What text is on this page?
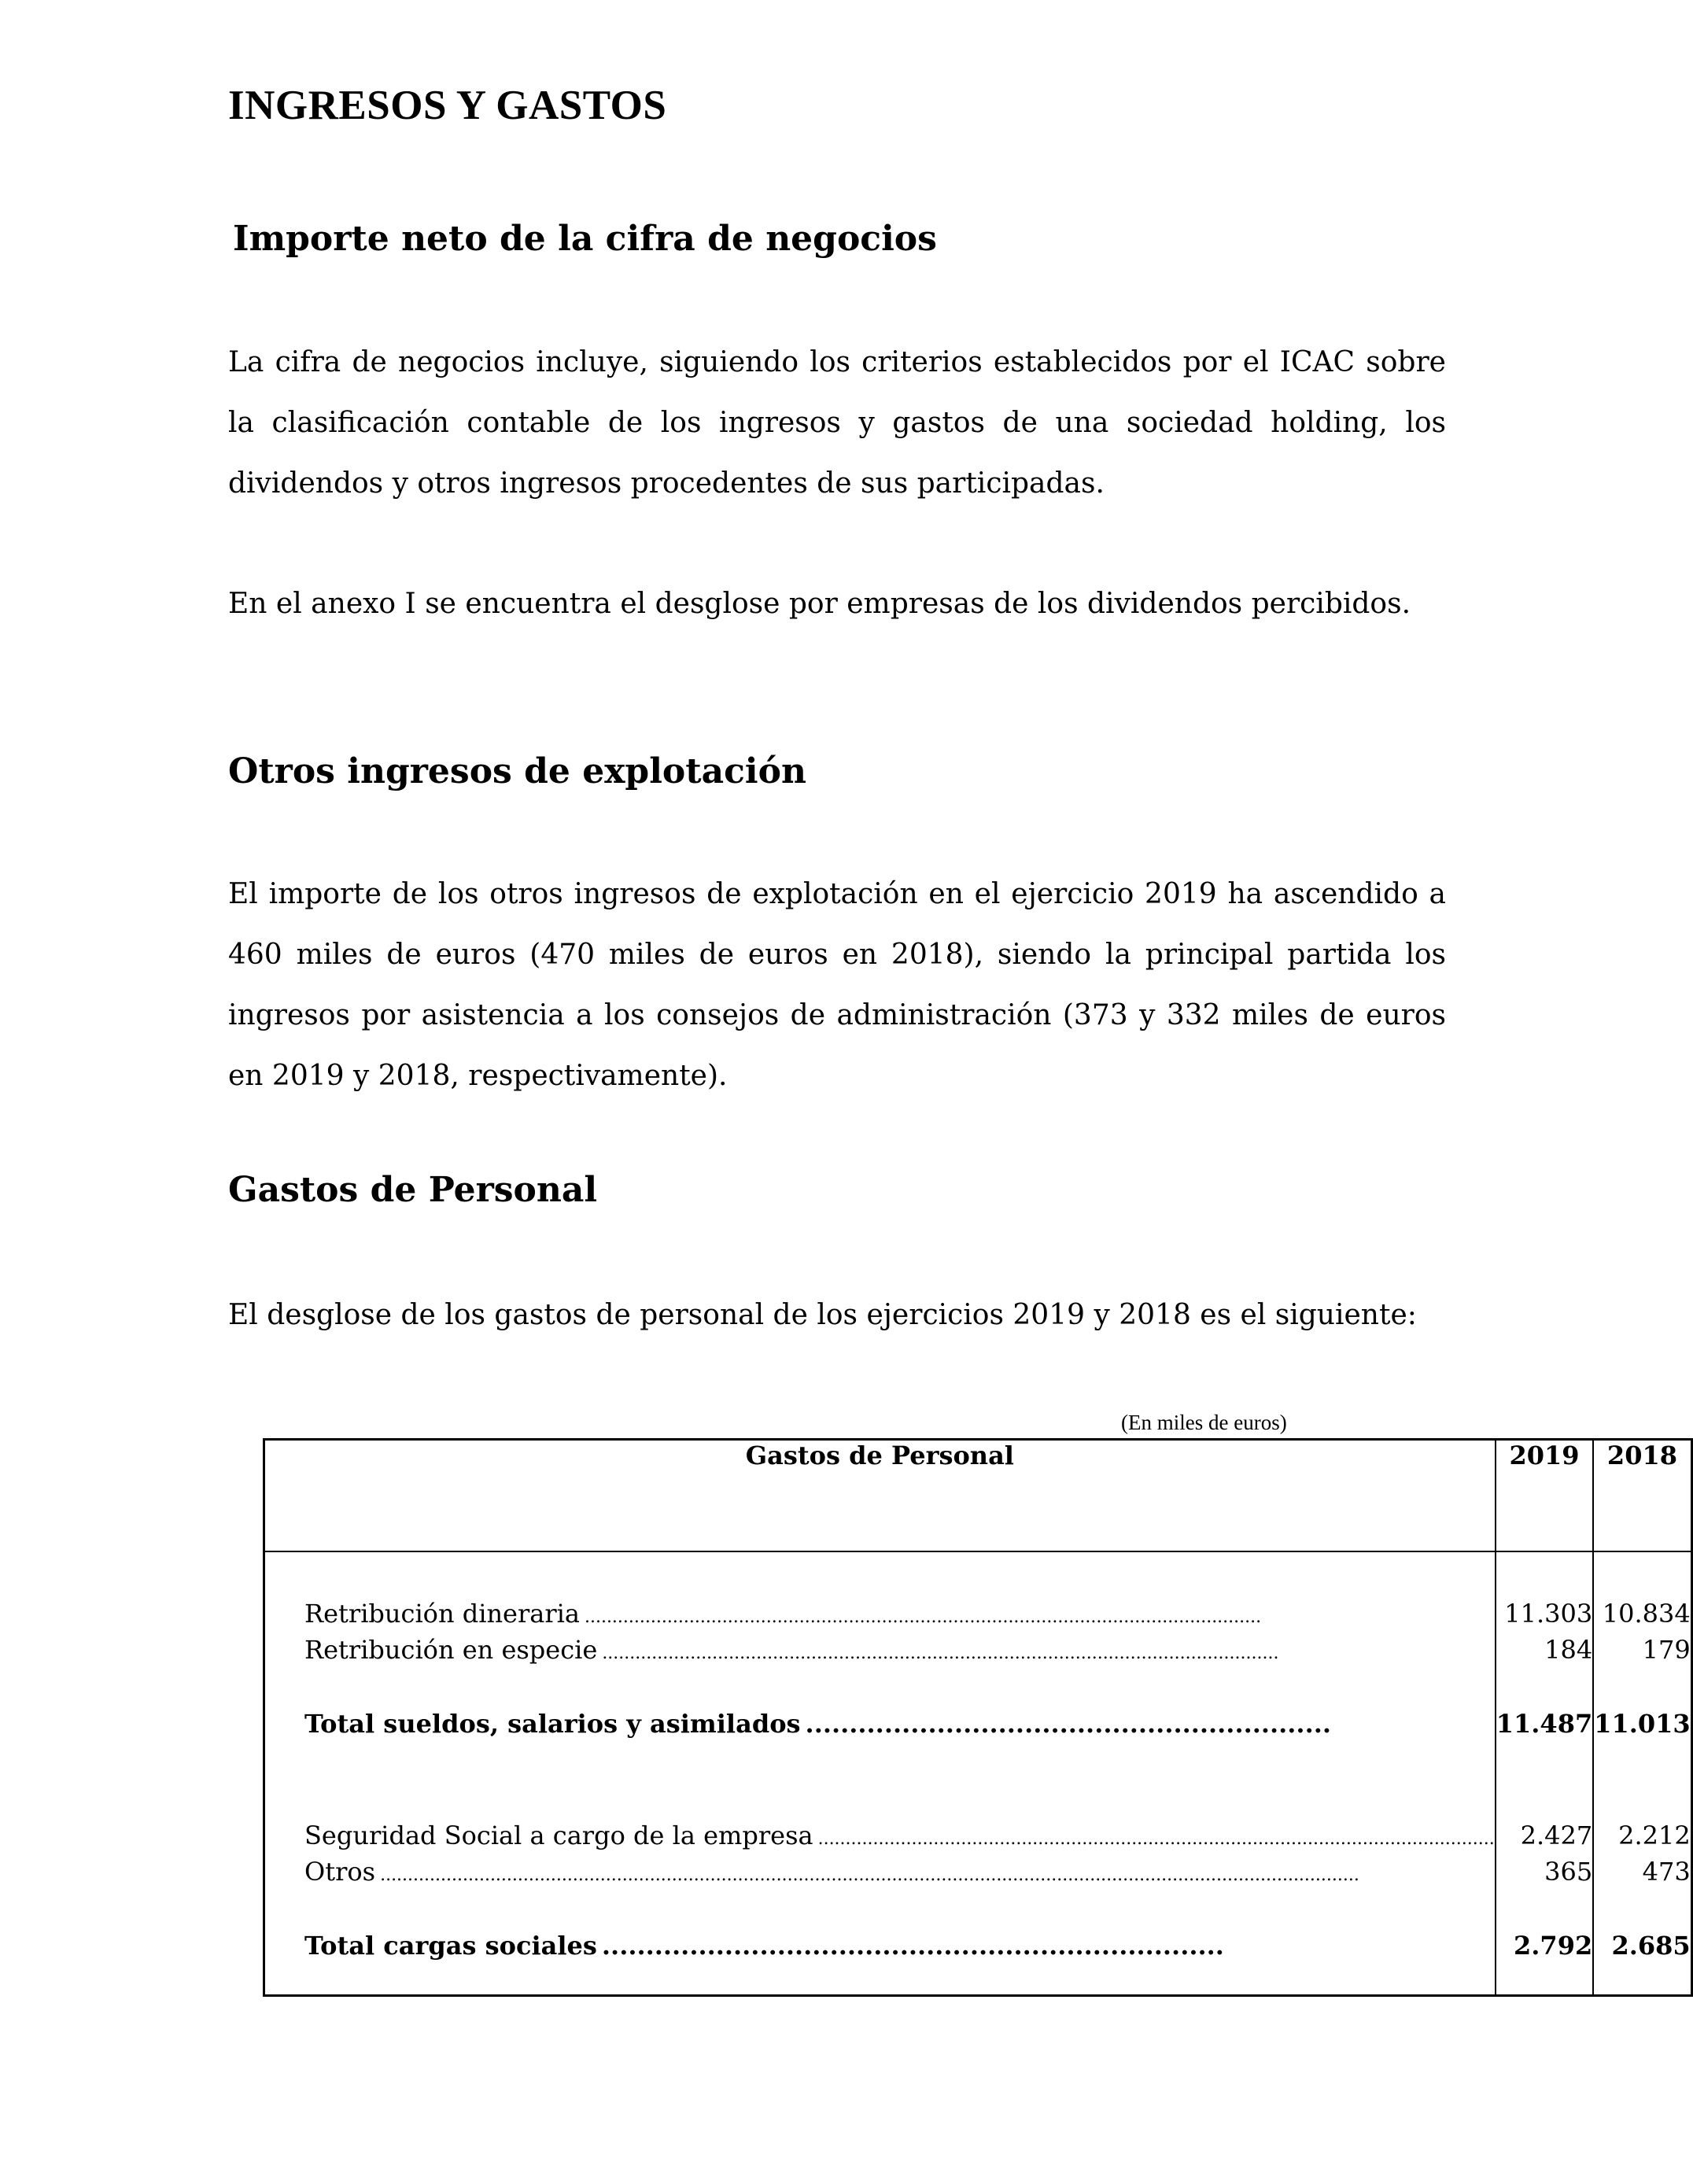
INGRESOS Y GASTOS
Importe neto de la cifra de negocios
La cifra de negocios incluye, siguiendo los criterios establecidos por el ICAC sobre la clasificación contable de los ingresos y gastos de una sociedad holding, los dividendos y otros ingresos procedentes de sus participadas.
En el anexo I se encuentra el desglose por empresas de los dividendos percibidos.
Otros ingresos de explotación
El importe de los otros ingresos de explotación en el ejercicio 2019 ha ascendido a 460 miles de euros (470 miles de euros en 2018), siendo la principal partida los ingresos por asistencia a los consejos de administración (373 y 332 miles de euros en 2019 y 2018, respectivamente).
Gastos de Personal
El desglose de los gastos de personal de los ejercicios 2019 y 2018 es el siguiente:
(En miles de euros)
Gastos de Personal	2019	2018

Retribución dineraria ...........................................................................................................................	11.303	10.834

Retribución en especie ...........................................................................................................................	184	179

Total sueldos, salarios y asimilados ............................................................	11.487	11.013

Seguridad Social a cargo de la empresa ...........................................................................................................................	2.427	2.212

Otros ..................................................................................................................................................................................	365	473

Total cargas sociales .......................................................................	2.792	2.685
